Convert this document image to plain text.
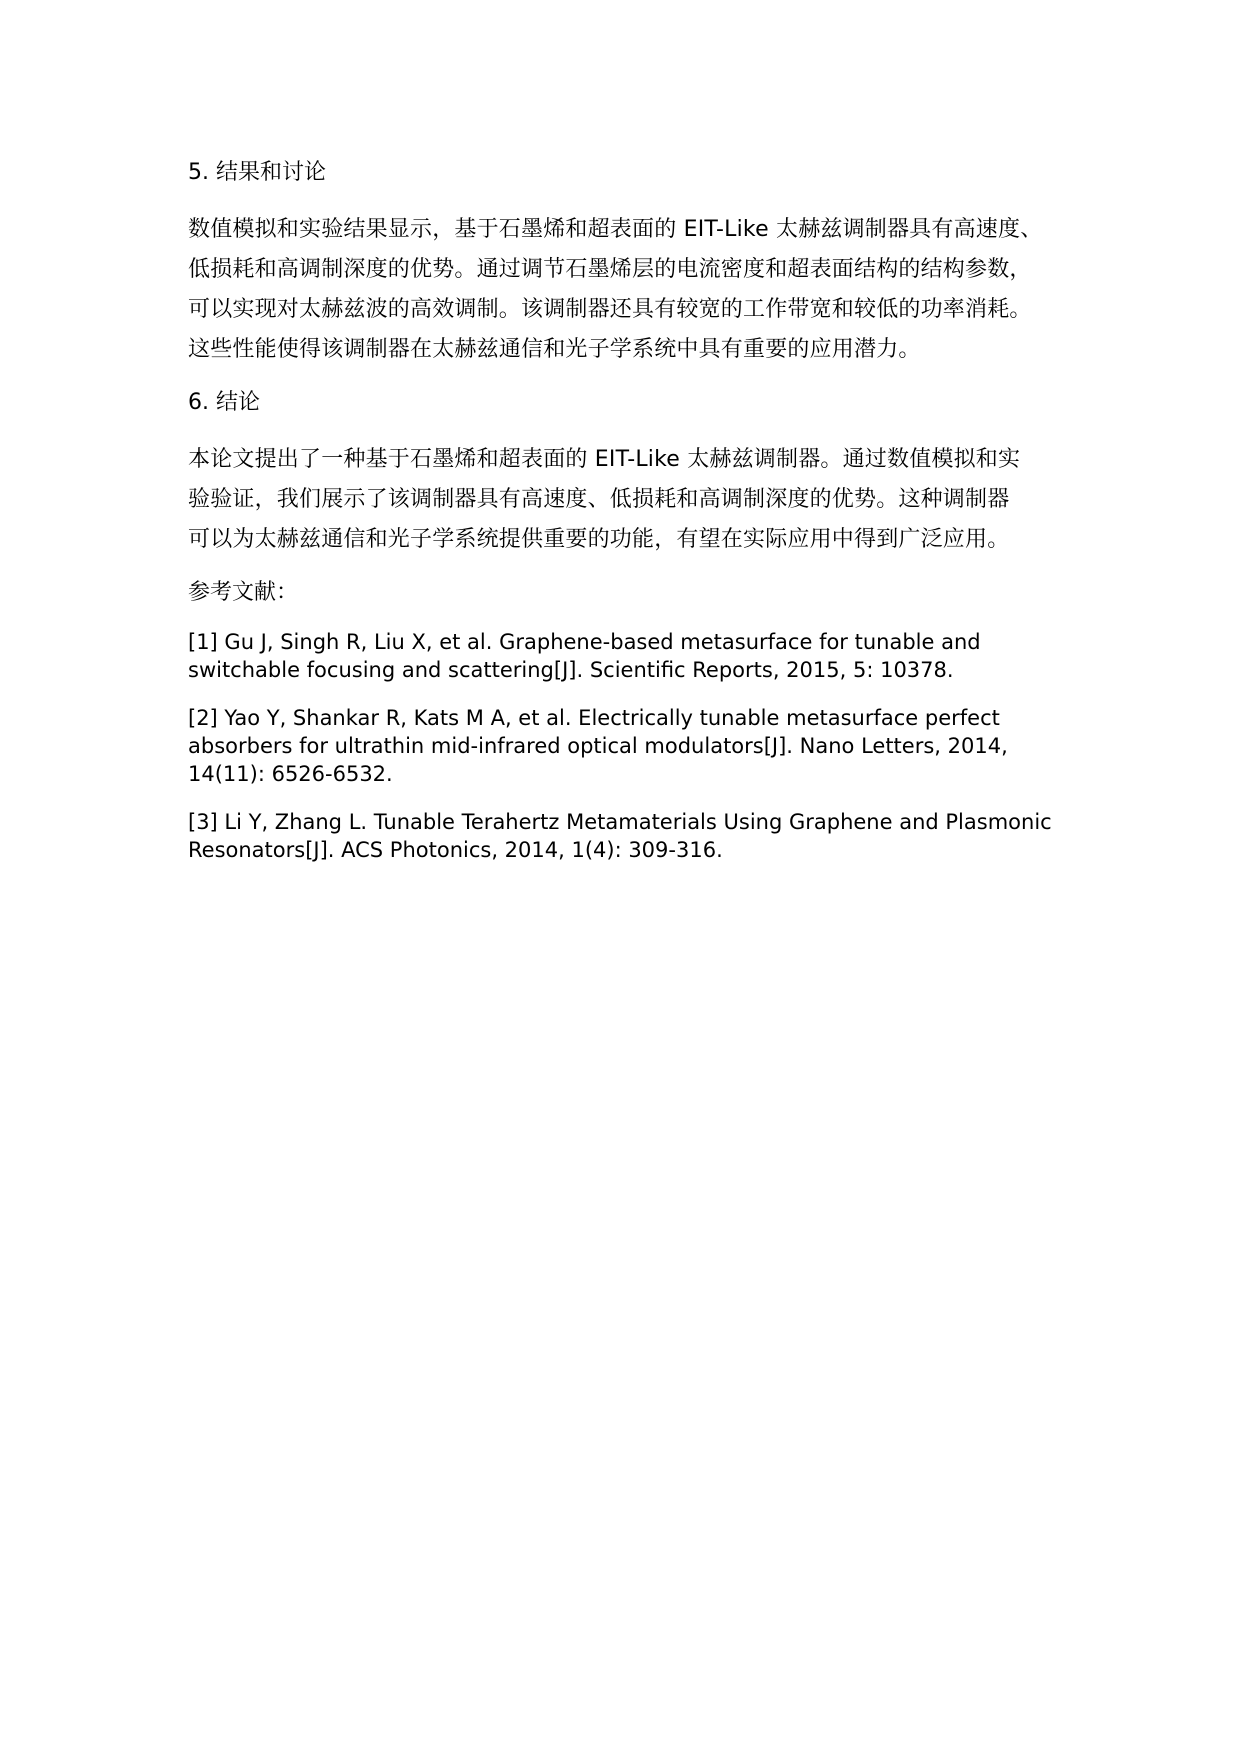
5. 结果和讨论
数值模拟和实验结果显示，基于石墨烯和超表面的 EIT-Like 太赫兹调制器具有高速度、
低损耗和高调制深度的优势。通过调节石墨烯层的电流密度和超表面结构的结构参数，
可以实现对太赫兹波的高效调制。该调制器还具有较宽的工作带宽和较低的功率消耗。
这些性能使得该调制器在太赫兹通信和光子学系统中具有重要的应用潜力。
6. 结论
本论文提出了一种基于石墨烯和超表面的 EIT-Like 太赫兹调制器。通过数值模拟和实
验验证，我们展示了该调制器具有高速度、低损耗和高调制深度的优势。这种调制器
可以为太赫兹通信和光子学系统提供重要的功能，有望在实际应用中得到广泛应用。
参考文献：
[1] Gu J, Singh R, Liu X, et al. Graphene-based metasurface for tunable and
switchable focusing and scattering[J]. Scientific Reports, 2015, 5: 10378.
[2] Yao Y, Shankar R, Kats M A, et al. Electrically tunable metasurface perfect
absorbers for ultrathin mid-infrared optical modulators[J]. Nano Letters, 2014,
14(11): 6526-6532.
[3] Li Y, Zhang L. Tunable Terahertz Metamaterials Using Graphene and Plasmonic
Resonators[J]. ACS Photonics, 2014, 1(4): 309-316.
